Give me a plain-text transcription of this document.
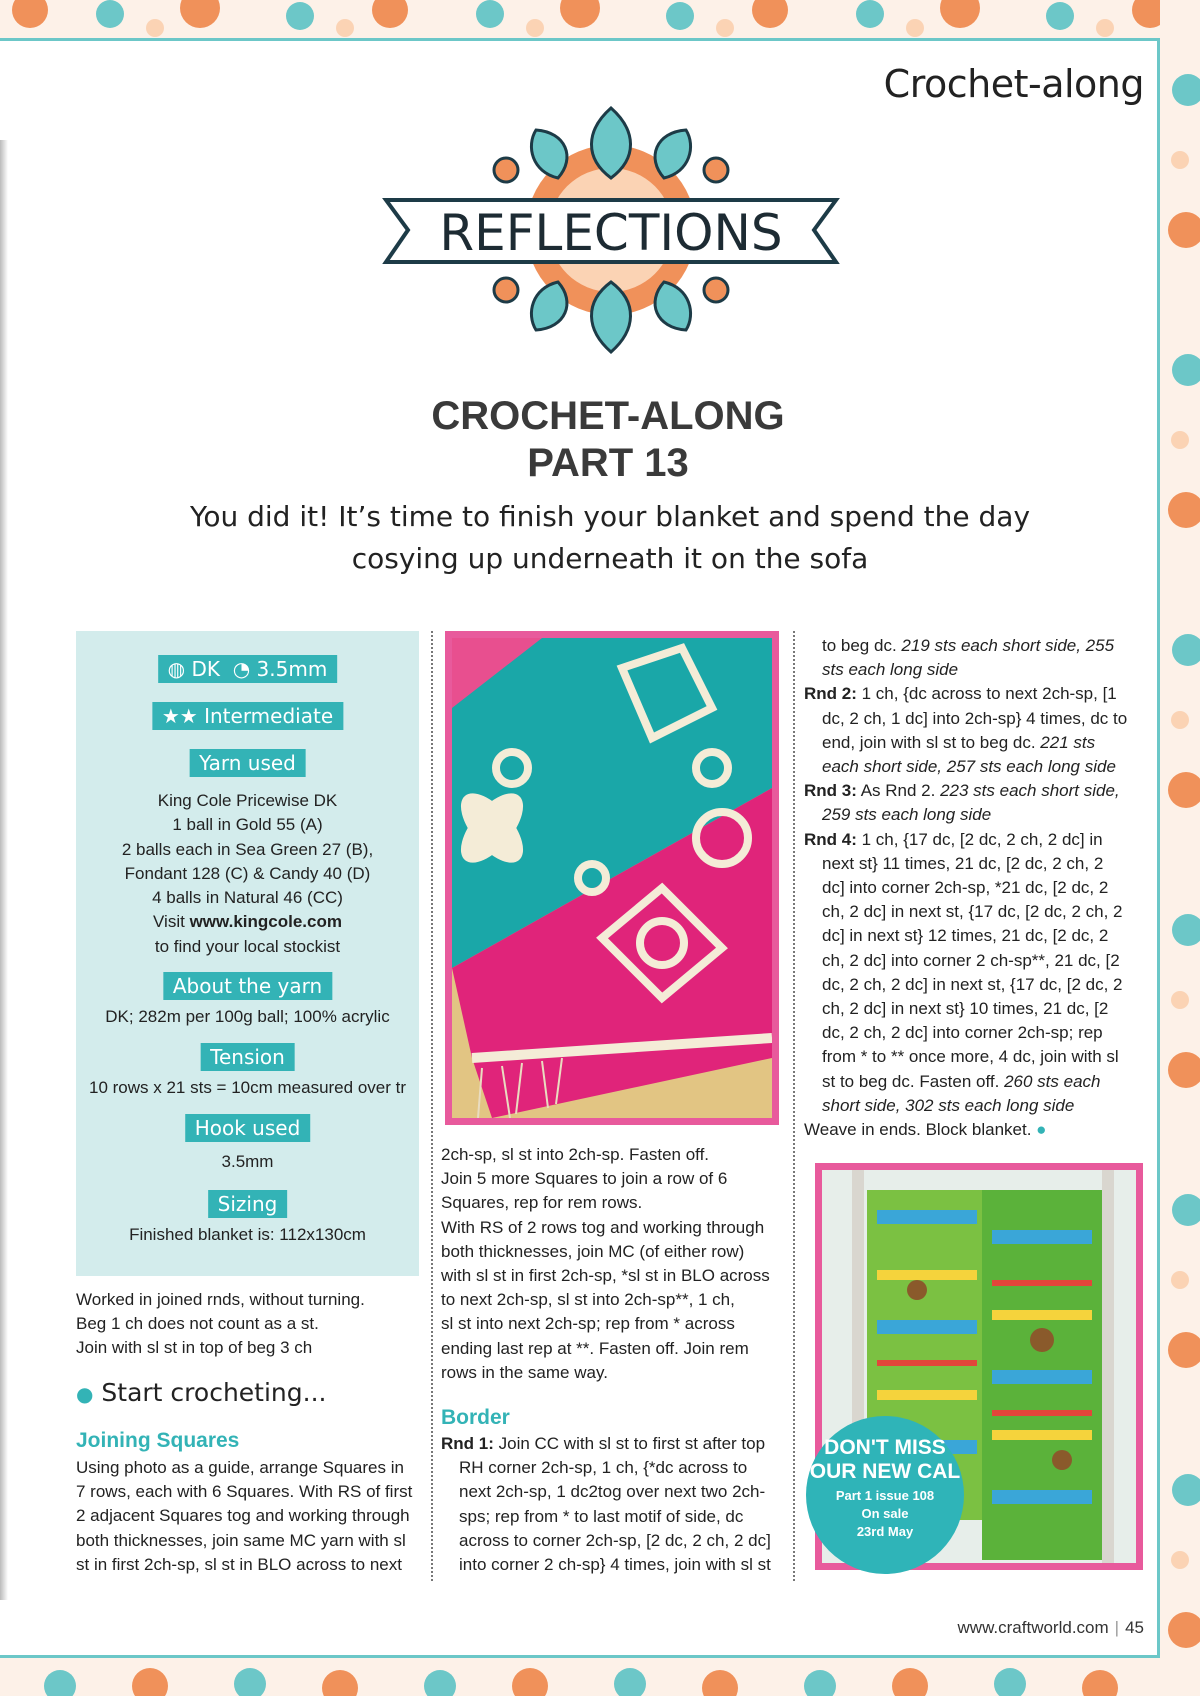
Crochet-along
REFLECTIONS
CROCHET-ALONG
PART 13
You did it! It’s time to finish your blanket and spend the day
cosying up underneath it on the sofa
◍ DK ◔ 3.5mm
★★ Intermediate
Yarn used
King Cole Pricewise DK
1 ball in Gold 55 (A)
2 balls each in Sea Green 27 (B),
Fondant 128 (C) & Candy 40 (D)
4 balls in Natural 46 (CC)
Visit www.kingcole.com
to find your local stockist
About the yarn
DK; 282m per 100g ball; 100% acrylic
Tension
10 rows x 21 sts = 10cm measured over tr
Hook used
3.5mm
Sizing
Finished blanket is: 112x130cm

Worked in joined rnds, without turning.

Beg 1 ch does not count as a st.

Join with sl st in top of beg 3 ch

● Start crocheting...
Joining Squares

Using photo as a guide, arrange Squares in

7 rows, each with 6 Squares. With RS of first

2 adjacent Squares tog and working through

both thicknesses, join same MC yarn with sl

st in first 2ch-sp, sl st in BLO across to next

2ch-sp, sl st into 2ch-sp. Fasten off.

Join 5 more Squares to join a row of 6

Squares, rep for rem rows.

With RS of 2 rows tog and working through

both thicknesses, join MC (of either row)

with sl st in first 2ch-sp, *sl st in BLO across

to next 2ch-sp, sl st into 2ch-sp**, 1 ch,

sl st into next 2ch-sp; rep from * across

ending last rep at **. Fasten off. Join rem

rows in the same way.

Border

Rnd 1: Join CC with sl st to first st after top

RH corner 2ch-sp, 1 ch, {*dc across to

next 2ch-sp, 1 dc2tog over next two 2ch-

sps; rep from * to last motif of side, dc

across to corner 2ch-sp, [2 dc, 2 ch, 2 dc]

into corner 2 ch-sp} 4 times, join with sl st

to beg dc. 219 sts each short side, 255 sts each long side

Rnd 2: 1 ch, {dc across to next 2ch-sp, [1 dc, 2 ch, 1 dc] into 2ch-sp} 4 times, dc to end, join with sl st to beg dc. 221 sts each short side, 257 sts each long side

Rnd 3: As Rnd 2. 223 sts each short side, 259 sts each long side

Rnd 4: 1 ch, {17 dc, [2 dc, 2 ch, 2 dc] in next st} 11 times, 21 dc, [2 dc, 2 ch, 2 dc] into corner 2ch-sp, *21 dc, [2 dc, 2 ch, 2 dc] in next st, {17 dc, [2 dc, 2 ch, 2 dc] in next st} 12 times, 21 dc, [2 dc, 2 ch, 2 dc] into corner 2 ch-sp**, 21 dc, [2 dc, 2 ch, 2 dc] in next st, {17 dc, [2 dc, 2 ch, 2 dc] in next st} 10 times, 21 dc, [2 dc, 2 ch, 2 dc] into corner 2ch-sp; rep from * to ** once more, 4 dc, join with sl st to beg dc. Fasten off. 260 sts each short side, 302 sts each long side

Weave in ends. Block blanket. ●

DON'T MISS
OUR NEW CAL
Part 1 issue 108
On sale
23rd May
www.craftworld.com | 45
